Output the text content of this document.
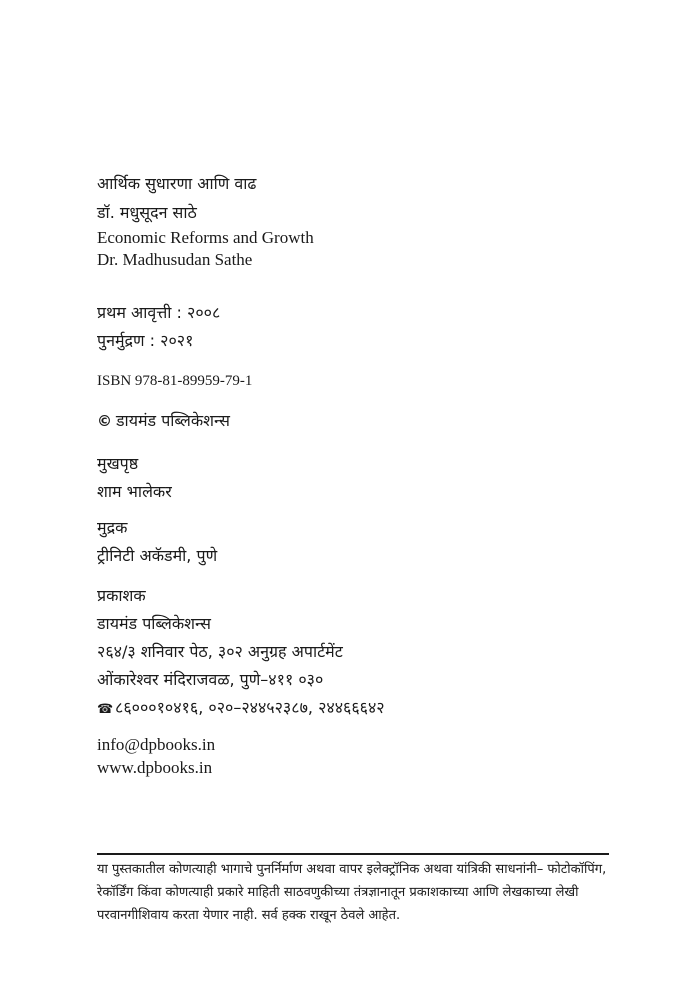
आर्थिक सुधारणा आणि वाढ
डॉ. मधुसूदन साठे
Economic Reforms and Growth
Dr. Madhusudan Sathe
प्रथम आवृत्ती : २००८
पुनर्मुद्रण : २०२१
ISBN 978-81-89959-79-1
© डायमंड पब्लिकेशन्स
मुखपृष्ठ
शाम भालेकर
मुद्रक
ट्रीनिटी अकॅडमी, पुणे
प्रकाशक
डायमंड पब्लिकेशन्स
२६४/३ शनिवार पेठ, ३०२ अनुग्रह अपार्टमेंट
ओंकारेश्वर मंदिराजवळ, पुणे–४११ ०३०
☎ ८६०००१०४१६, ०२०–२४४५२३८७, २४४६६६४२
info@dpbooks.in
www.dpbooks.in
या पुस्तकातील कोणत्याही भागाचे पुनर्निर्माण अथवा वापर इलेक्ट्रॉनिक अथवा यांत्रिकी साधनांनी– फोटोकॉपिंग, रेकॉर्डिंग किंवा कोणत्याही प्रकारे माहिती साठवणुकीच्या तंत्रज्ञानातून प्रकाशकाच्या आणि लेखकाच्या लेखी परवानगीशिवाय करता येणार नाही. सर्व हक्क राखून ठेवले आहेत.
